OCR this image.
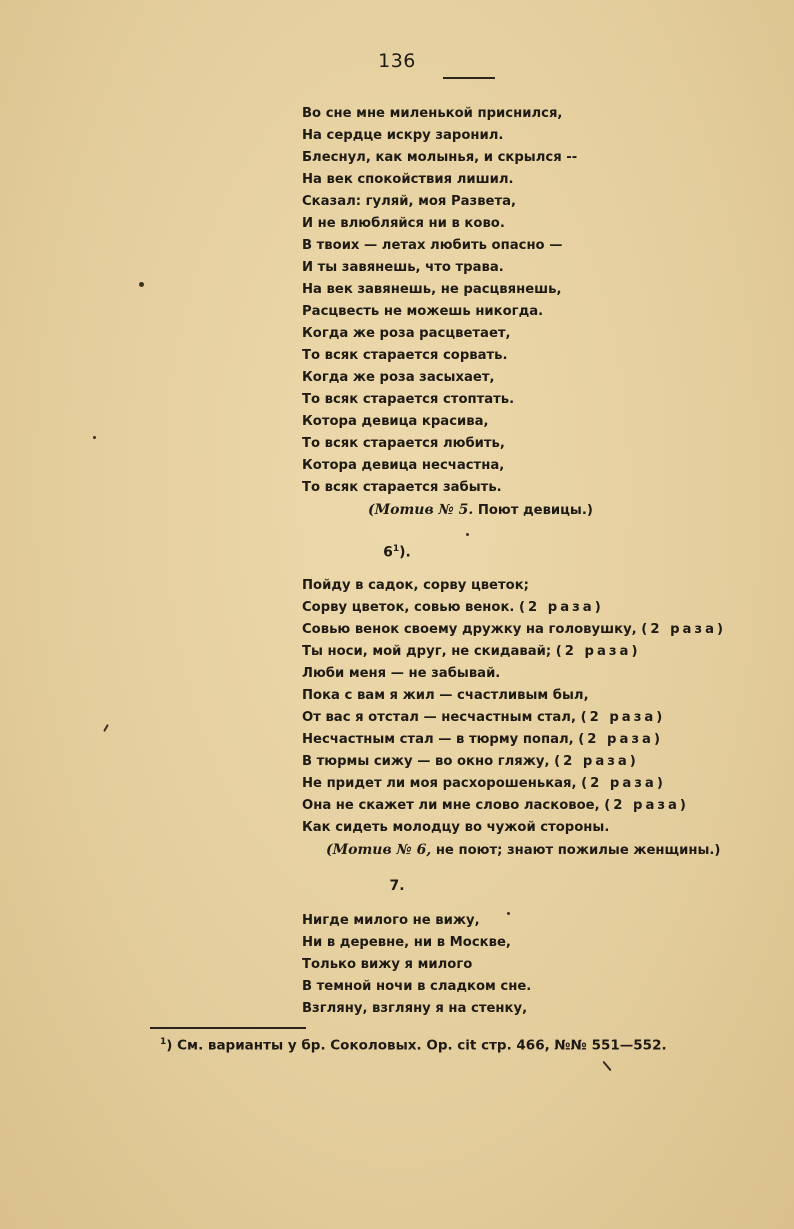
136
Во сне мне миленькой приснился,
На сердце искру заронил.
Блеснул, как молынья, и скрылся --
На век спокойствия лишил.
Сказал: гуляй, моя Развета,
И не влюбляйся ни в ково.
В твоих — летах любить опасно —
И ты завянешь, что трава.
На век завянешь, не расцвянешь,
Расцвесть не можешь никогда.
Когда же роза расцветает,
То всяк старается сорвать.
Когда же роза засыхает,
То всяк старается стоптать.
Котора девица красива,
То всяк старается любить,
Котора девица несчастна,
То всяк старается забыть.
(Мотив № 5. Поют девицы.)
$6^1$).
Пойду в садок, сорву цветок;
Сорву цветок, совью венок. (2 раза)
Совью венок своему дружку на головушку, (2 раза)
Ты носи, мой друг, не скидавай; (2 раза)
Люби меня — не забывай.
Пока с вам я жил — счастливым был,
От вас я отстал — несчастным стал, (2 раза)
Несчастным стал — в тюрму попал, (2 раза)
В тюрмы сижу — во окно гляжу, (2 раза)
Не придет ли моя расхорошенькая, (2 раза)
Она не скажет ли мне слово ласковое, (2 раза)
Как сидеть молодцу во чужой стороны.
(Мотив № 6, не поют; знают пожилые женщины.)
7.
Нигде милого не вижу,
Ни в деревне, ни в Москве,
Только вижу я милого
В темной ночи в сладком сне.
Взгляну, взгляну я на стенку,
$^1$) См. варианты у бр. Соколовых. Op. cit стр. 466, №№ 551—552.
